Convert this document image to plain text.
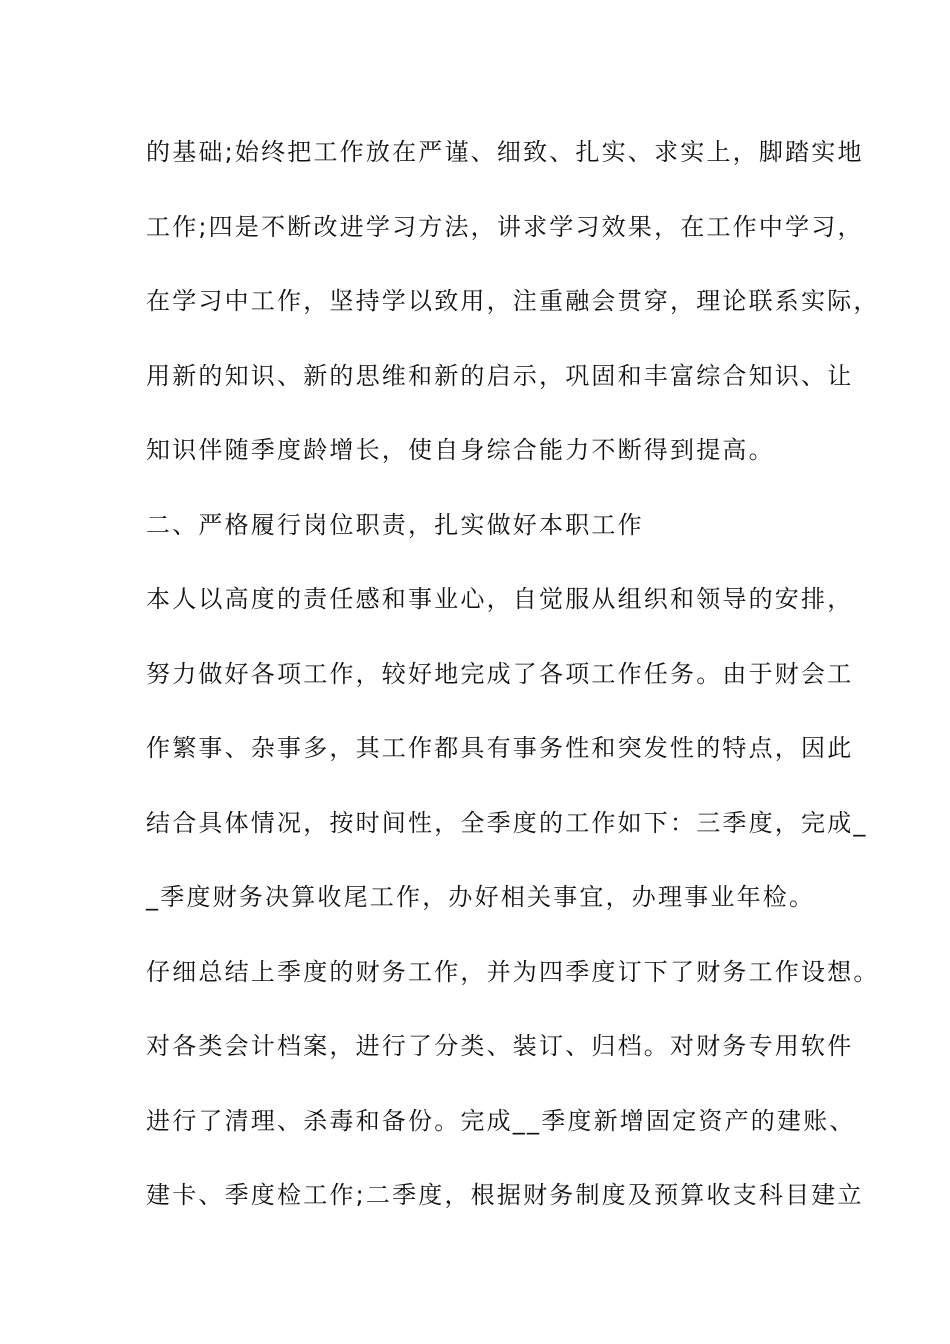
的基础;始终把工作放在严谨、细致、扎实、求实上，脚踏实地
工作;四是不断改进学习方法，讲求学习效果，在工作中学习，
在学习中工作，坚持学以致用，注重融会贯穿，理论联系实际，
用新的知识、新的思维和新的启示，巩固和丰富综合知识、让
知识伴随季度龄增长，使自身综合能力不断得到提高。
二、严格履行岗位职责，扎实做好本职工作
本人以高度的责任感和事业心，自觉服从组织和领导的安排，
努力做好各项工作，较好地完成了各项工作任务。由于财会工
作繁事、杂事多，其工作都具有事务性和突发性的特点，因此
结合具体情况，按时间性，全季度的工作如下：三季度，完成_
_季度财务决算收尾工作，办好相关事宜，办理事业年检。
仔细总结上季度的财务工作，并为四季度订下了财务工作设想。
对各类会计档案，进行了分类、装订、归档。对财务专用软件
进行了清理、杀毒和备份。完成__季度新增固定资产的建账、
建卡、季度检工作;二季度，根据财务制度及预算收支科目建立
